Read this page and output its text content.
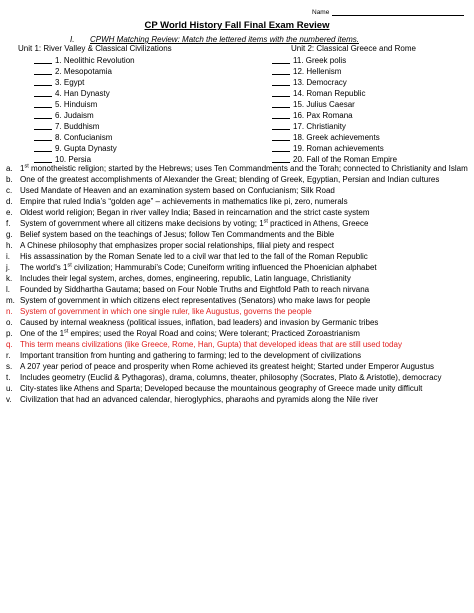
Name
CP World History Fall Final Exam Review
I.	CPWH Matching Review: Match the lettered items with the numbered items.
Unit 1: River Valley & Classical Civilizations	Unit 2: Classical Greece and Rome
1. Neolithic Revolution
2. Mesopotamia
3. Egypt
4. Han Dynasty
5. Hinduism
6. Judaism
7. Buddhism
8. Confucianism
9. Gupta Dynasty
10. Persia
11. Greek polis
12. Hellenism
13. Democracy
14. Roman Republic
15. Julius Caesar
16. Pax Romana
17. Christianity
18. Greek achievements
19. Roman achievements
20. Fall of the Roman Empire
a. 1st monotheistic religion; started by the Hebrews; uses Ten Commandments and the Torah; connected to Christianity and Islam
b. One of the greatest accomplishments of Alexander the Great; blending of Greek, Egyptian, Persian and Indian cultures
c. Used Mandate of Heaven and an examination system based on Confucianism; Silk Road
d. Empire that ruled India’s “golden age” – achievements in mathematics like pi, zero, numerals
e. Oldest world religion; Began in river valley India; Based in reincarnation and the strict caste system
f.	System of government where all citizens make decisions by voting; 1st practiced in Athens, Greece
g. Belief system based on the teachings of Jesus; follow Ten Commandments and the Bible
h. A Chinese philosophy that emphasizes proper social relationships, filial piety and respect
i.	His assassination by the Roman Senate led to a civil war that led to the fall of the Roman Republic
j.	The world’s 1st civilization; Hammurabi’s Code; Cuneiform writing influenced the Phoenician alphabet
k. Includes their legal system, arches, domes, engineering, republic, Latin language, Christianity
l.	Founded by Siddhartha Gautama; based on Four Noble Truths and Eightfold Path to reach nirvana
m. System of government in which citizens elect representatives (Senators) who make laws for people
n. System of government in which one single ruler, like Augustus, governs the people
o. Caused by internal weakness (political issues, inflation, bad leaders) and invasion by Germanic tribes
p. One of the 1st empires; used the Royal Road and coins; Were tolerant; Practiced Zoroastrianism
q. This term means civilizations (like Greece, Rome, Han, Gupta) that developed ideas that are still used today
r.	Important transition from hunting and gathering to farming; led to the development of civilizations
s. A 207 year period of peace and prosperity when Rome achieved its greatest height; Started under Emperor Augustus
t.	Includes geometry (Euclid & Pythagoras), drama, columns, theater, philosophy (Socrates, Plato & Aristotle), democracy
u. City-states like Athens and Sparta; Developed because the mountainous geography of Greece made unity difficult
v.	Civilization that had an advanced calendar, hieroglyphics, pharaohs and pyramids along the Nile river
